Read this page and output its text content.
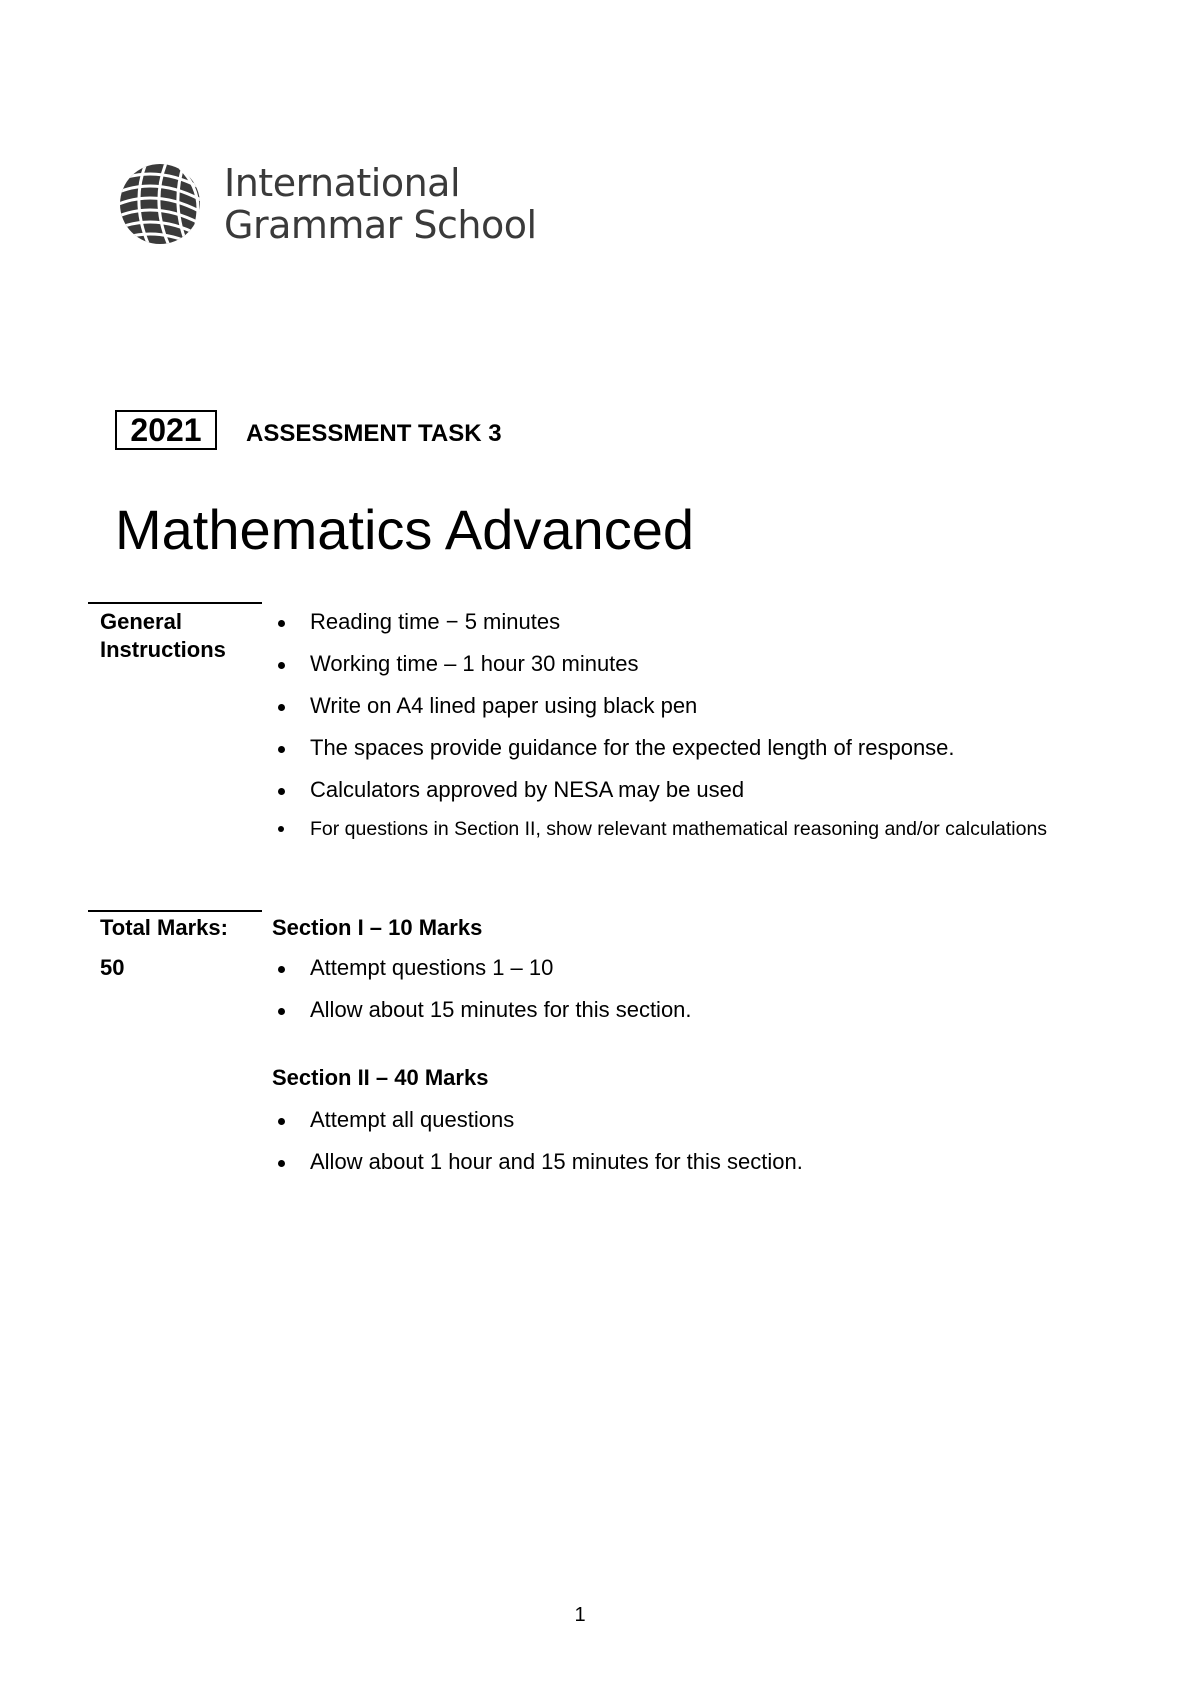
International
Grammar School
2021	ASSESSMENT TASK 3
Mathematics Advanced
General
Instructions
Reading time − 5 minutes
Working time – 1 hour 30 minutes
Write on A4 lined paper using black pen
The spaces provide guidance for the expected length of response.
Calculators approved by NESA may be used
For questions in Section II, show relevant mathematical reasoning and/or calculations
Total Marks:
50
Section I – 10 Marks
Attempt questions 1 – 10
Allow about 15 minutes for this section.
Section II – 40 Marks
Attempt all questions
Allow about 1 hour and 15 minutes for this section.
1
